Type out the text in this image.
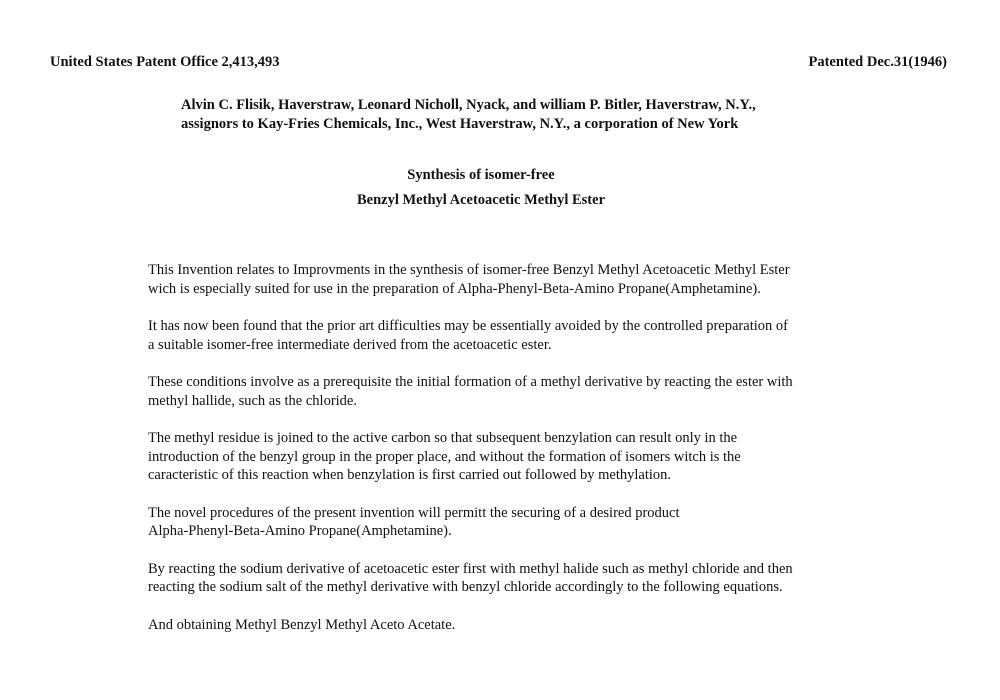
United States Patent Office 2,413,493	Patented Dec.31(1946)
Alvin C. Flisik, Haverstraw, Leonard Nicholl, Nyack, and william P. Bitler, Haverstraw, N.Y.,
assignors to Kay-Fries Chemicals, Inc., West Haverstraw, N.Y., a corporation of New York
Synthesis of isomer-free
Benzyl Methyl Acetoacetic Methyl Ester
This Invention relates to Improvments in the synthesis of isomer-free Benzyl Methyl Acetoacetic Methyl Ester
wich is especially suited for use in the preparation of Alpha-Phenyl-Beta-Amino Propane(Amphetamine).
It has now been found that the prior art difficulties may be essentially avoided by the controlled preparation of
a suitable isomer-free intermediate derived from the acetoacetic ester.
These conditions involve as a prerequisite the initial formation of a methyl derivative by reacting the ester with
methyl hallide, such as the chloride.
The methyl residue is joined to the active carbon so that subsequent benzylation can result only in the
introduction of the benzyl group in the proper place, and without the formation of isomers witch is the
caracteristic of this reaction when benzylation is first carried out followed by methylation.
The novel procedures of the present invention will permitt the securing of a desired product
Alpha-Phenyl-Beta-Amino Propane(Amphetamine).
By reacting the sodium derivative of acetoacetic ester first with methyl halide such as methyl chloride and then
reacting the sodium salt of the methyl derivative with benzyl chloride accordingly to the following equations.
And obtaining Methyl Benzyl Methyl Aceto Acetate.
